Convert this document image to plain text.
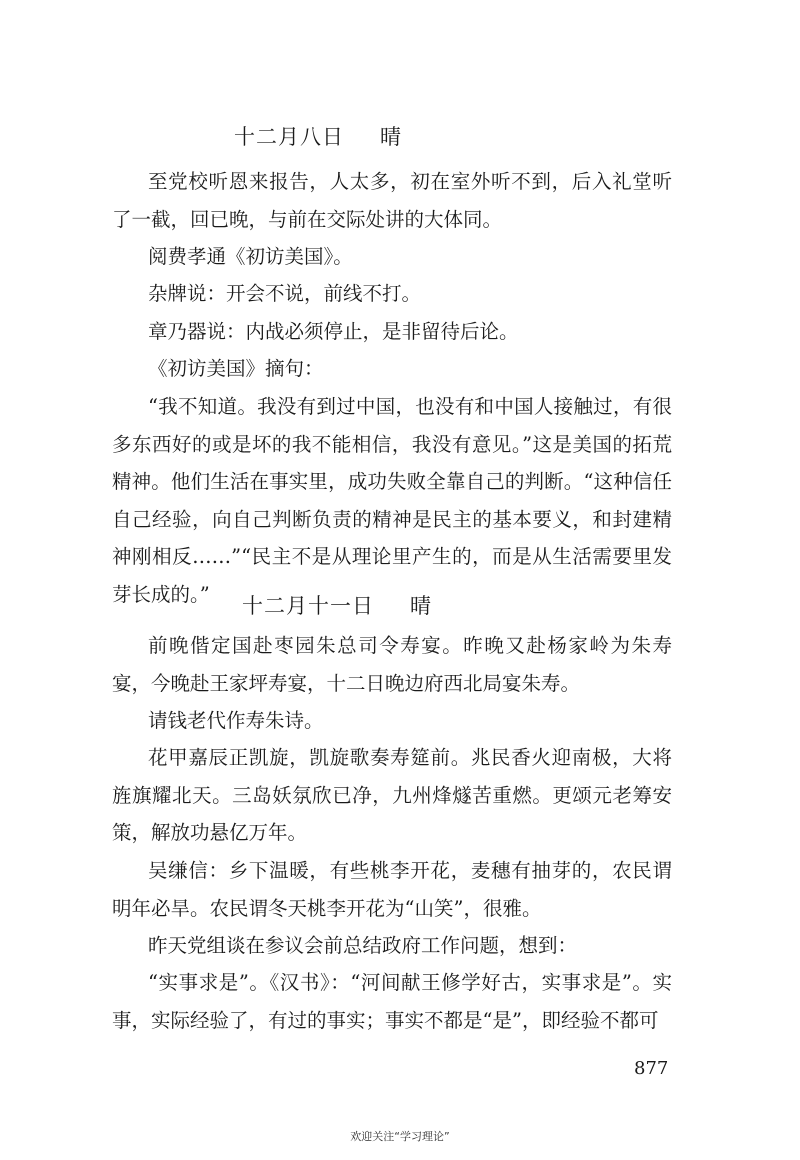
十二月八日 晴

至党校听恩来报告，人太多，初在室外听不到，后入礼堂听了一截，回已晚，与前在交际处讲的大体同。

阅费孝通《初访美国》。

杂牌说：开会不说，前线不打。

章乃器说：内战必须停止，是非留待后论。

《初访美国》摘句：

“我不知道。我没有到过中国，也没有和中国人接触过，有很多东西好的或是坏的我不能相信，我没有意见。”这是美国的拓荒精神。他们生活在事实里，成功失败全靠自己的判断。“这种信任自己经验，向自己判断负责的精神是民主的基本要义，和封建精神刚相反……”“民主不是从理论里产生的，而是从生活需要里发芽长成的。”	十二月十一日 晴

前晚偕定国赴枣园朱总司令寿宴。昨晚又赴杨家岭为朱寿宴，今晚赴王家坪寿宴，十二日晚边府西北局宴朱寿。

请钱老代作寿朱诗。

花甲嘉辰正凯旋，凯旋歌奏寿筵前。兆民香火迎南极，大将旌旗耀北天。三岛妖氛欣已净，九州烽燧苦重燃。更颂元老筹安策，解放功悬亿万年。

吴缣信：乡下温暖，有些桃李开花，麦穗有抽芽的，农民谓明年必旱。农民谓冬天桃李开花为“山笑”，很雅。

昨天党组谈在参议会前总结政府工作问题，想到：

“实事求是”。《汉书》：“河间献王修学好古，实事求是”。实事，实际经验了，有过的事实；事实不都是“是”，即经验不都可

877
欢迎关注“学习理论”
